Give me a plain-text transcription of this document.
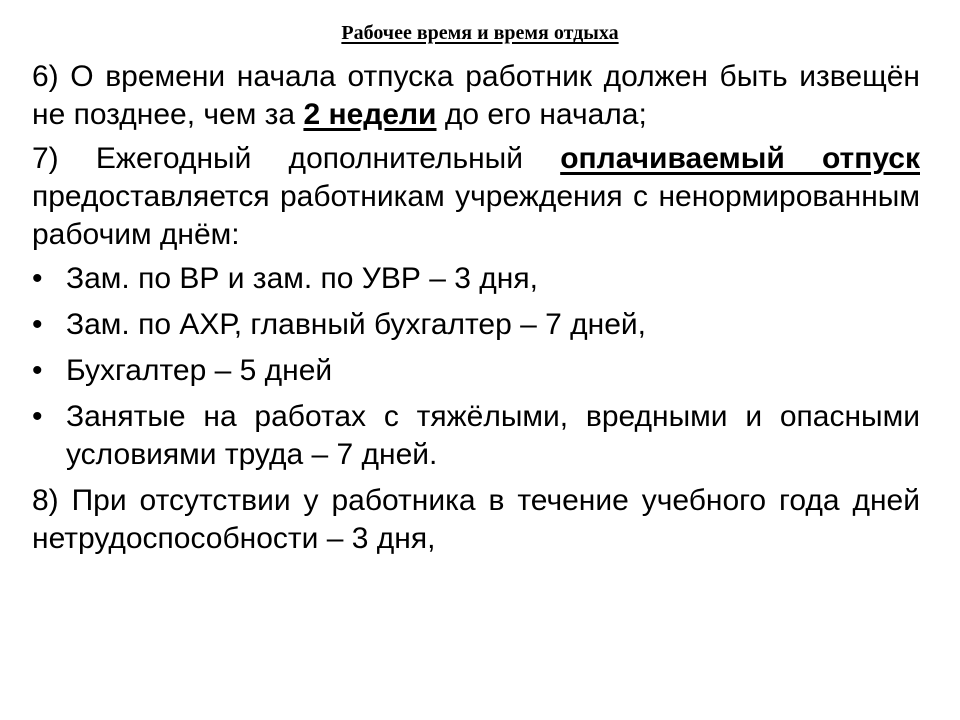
Рабочее время и время отдыха

6) О времени начала отпуска работник должен быть извещён не позднее, чем за 2 недели до его начала;

7) Ежегодный дополнительный оплачиваемый отпуск предоставляется работникам учреждения с ненормированным рабочим днём:

• Зам. по ВР и зам. по УВР – 3 дня,
• Зам. по АХР, главный бухгалтер – 7 дней,
• Бухгалтер – 5 дней
• Занятые на работах с тяжёлыми, вредными и опасными условиями труда – 7 дней.

8) При отсутствии у работника в течение учебного года дней нетрудоспособности – 3 дня,
